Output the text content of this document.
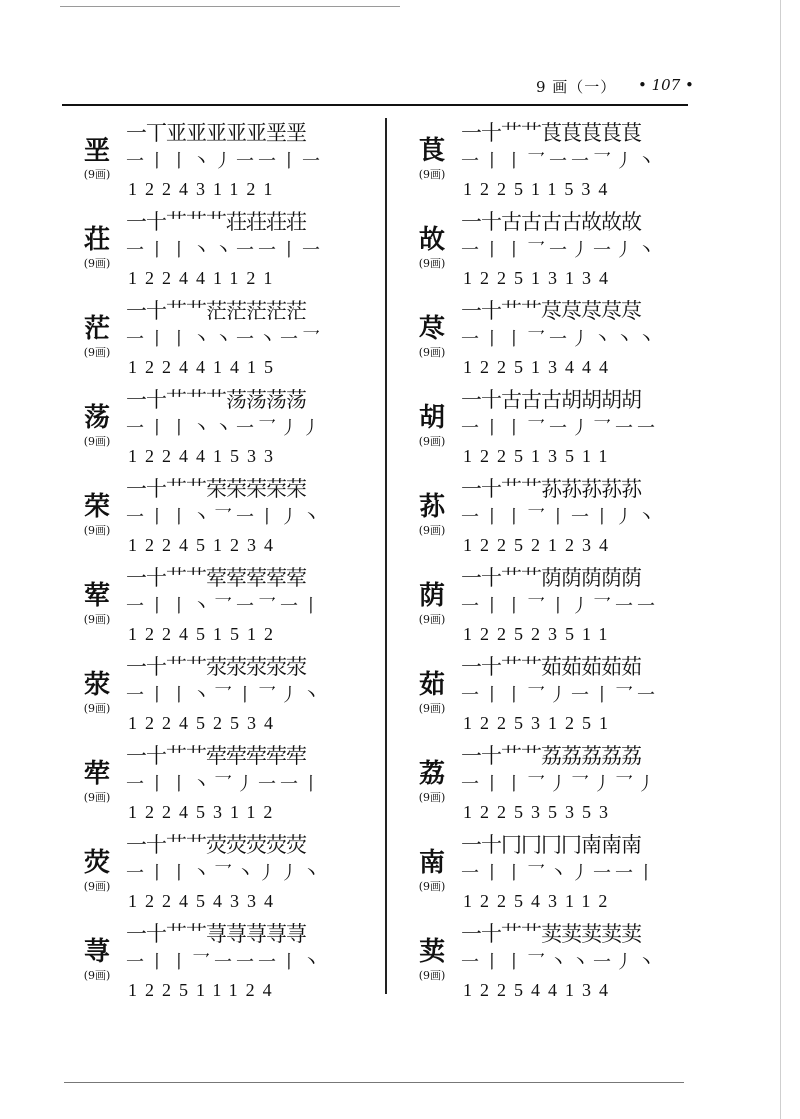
9 画（一） • 107 •
一丅亚亚亚亚亚垩垩
垩
(9画)
一丨丨丶丿一一丨一
122431121
一十艹艹艹荘荘荘荘
荘
(9画)
一丨丨丶丶一一丨一
122441121
一十艹艹茫茫茫茫茫
茫
(9画)
一丨丨丶丶一丶一乛
122441415
一十艹艹艹荡荡荡荡
荡
(9画)
一丨丨丶丶一乛丿丿
122441533
一十艹艹荣荣荣荣荣
荣
(9画)
一丨丨丶乛一丨丿丶
122451234
一十艹艹荤荤荤荤荤
荤
(9画)
一丨丨丶乛一乛一丨
122451512
一十艹艹荥荥荥荥荥
荥
(9画)
一丨丨丶乛丨乛丿丶
122452534
一十艹艹荦荦荦荦荦
荦
(9画)
一丨丨丶乛丿一一丨
122453112
一十艹艹荧荧荧荧荧
荧
(9画)
一丨丨丶乛丶丿丿丶
122454334
一十艹艹荨荨荨荨荨
荨
(9画)
一丨丨乛一一一丨丶
122511124
一十艹艹茛茛茛茛茛
茛
(9画)
一丨丨乛一一乛丿丶
122511534
一十古古古古故故故
故
(9画)
一丨丨乛一丿一丿丶
122513134
一十艹艹荩荩荩荩荩
荩
(9画)
一丨丨乛一丿丶丶丶
122513444
一十古古古胡胡胡胡
胡
(9画)
一丨丨乛一丿乛一一
122513511
一十艹艹荪荪荪荪荪
荪
(9画)
一丨丨乛丨一丨丿丶
122521234
一十艹艹荫荫荫荫荫
荫
(9画)
一丨丨乛丨丿乛一一
122523511
一十艹艹茹茹茹茹茹
茹
(9画)
一丨丨乛丿一丨乛一
122531251
一十艹艹荔荔荔荔荔
荔
(9画)
一丨丨乛丿乛丿乛丿
122535353
一十冂冂冂冂南南南
南
(9画)
一丨丨乛丶丿一一丨
122543112
一十艹艹荬荬荬荬荬
荬
(9画)
一丨丨乛丶丶一丿丶
122544134
